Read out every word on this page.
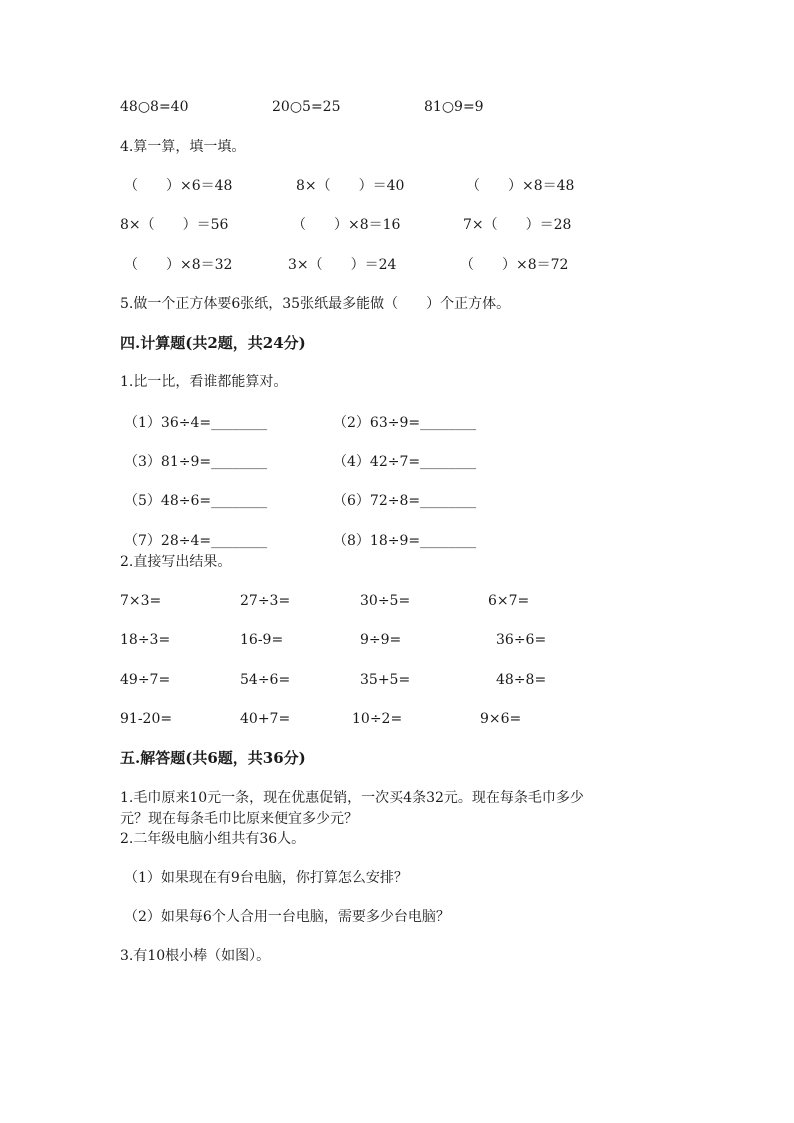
48○8=40	20○5=25	81○9=9
4.算一算，填一填。
（　　）×6＝48	8×（　　）＝40	（　　）×8＝48
8×（　　）＝56	（　　）×8＝16	7×（　　）＝28
（　　）×8＝32	3×（　　）＝24	（　　）×8＝72
5.做一个正方体要6张纸，35张纸最多能做（　　）个正方体。
四.计算题(共2题，共24分)
1.比一比，看谁都能算对。
（1）36÷4=________	（2）63÷9=________
（3）81÷9=________	（4）42÷7=________
（5）48÷6=________	（6）72÷8=________
（7）28÷4=________	（8）18÷9=________
2.直接写出结果。
7×3=	27÷3=	30÷5=	6×7=
18÷3=	16-9=	9÷9=	36÷6=
49÷7=	54÷6=	35+5=	48÷8=
91-20=	40+7=	10÷2=	9×6=
五.解答题(共6题，共36分)
1.毛巾原来10元一条，现在优惠促销，一次买4条32元。现在每条毛巾多少
元？现在每条毛巾比原来便宜多少元？
2.二年级电脑小组共有36人。
（1）如果现在有9台电脑，你打算怎么安排？
（2）如果每6个人合用一台电脑，需要多少台电脑？
3.有10根小棒（如图）。
